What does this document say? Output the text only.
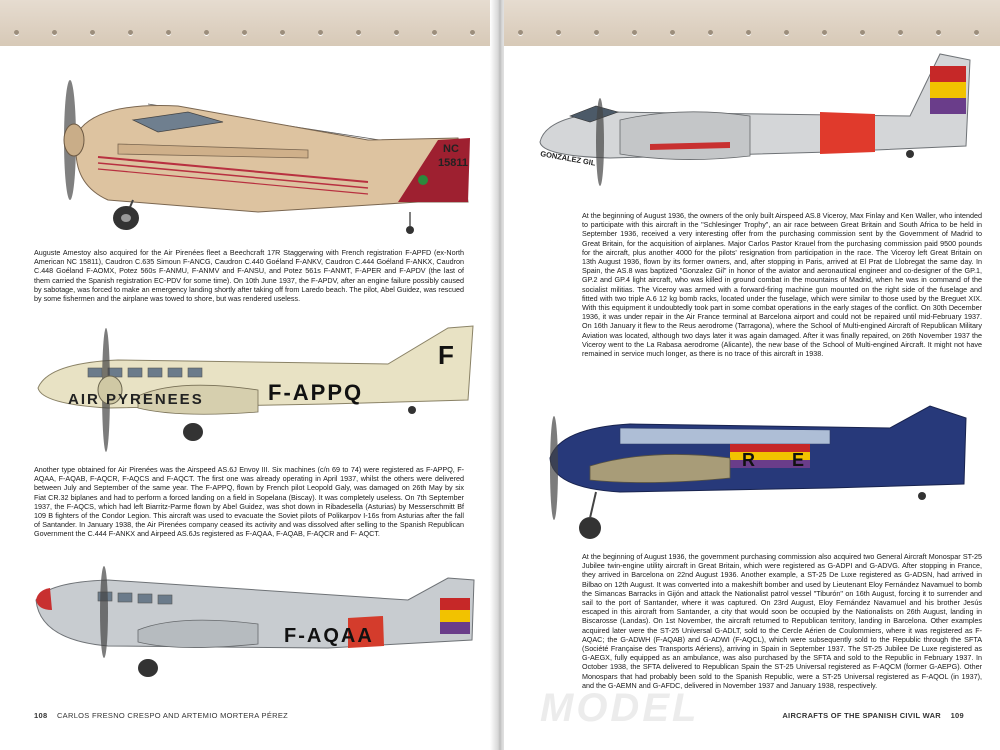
NC
15811

Auguste Amestoy also acquired for the Air Pirenées fleet a Beechcraft 17R Staggerwing with French registration F-APFD (ex-North American NC 15811), Caudron C.635 Simoun F-ANCG, Caudron C.440 Goéland F-ANKV, Caudron C.444 Goéland F-ANKX, Caudron C.448 Goéland F-AOMX, Potez 560s F-ANMU, F-ANMV and F-ANSU, and Potez 561s F-ANMT, F-APER and F-APDV (the last of them carried the Spanish registration EC-PDV for some time). On 10th June 1937, the F-APDV, after an engine failure possibly caused by sabotage, was forced to make an emergency landing shortly after taking off from Laredo beach. The pilot, Abel Guidez, was rescued by some fishermen and the airplane was towed to shore, but was rendered useless.

AIR PYRENEES	F-APPQ
F

Another type obtained for Air Pirenées was the Airspeed AS.6J Envoy III. Six machines (c/n 69 to 74) were registered as F-APPQ, F-AQAA, F-AQAB, F-AQCR, F-AQCS and F-AQCT. The first one was already operating in April 1937, whilst the others were delivered between July and September of the same year. The F-APPQ, flown by French pilot Leopold Galy, was damaged on 26th May by six Fiat CR.32 biplanes and had to perform a forced landing on a field in Sopelana (Biscay). It was completely useless. On 7th September 1937, the F-AQCS, which had left Biarritz-Parme flown by Abel Guidez, was shot down in Ribadesella (Asturias) by Messerschmitt Bf 109 B fighters of the Condor Legion. This aircraft was used to evacuate the Soviet pilots of Polikarpov I-16s from Asturias after the fall of Santander. In January 1938, the Air Pirenées company ceased its activity and was dissolved after selling to the Spanish Republican Government the C.444 F-ANKX and Airpeed AS.6Js registered as F-AQAA, F-AQAB, F-AQCR and F- AQCT.

F-AQAA
108 CARLOS FRESNO CRESPO AND ARTEMIO MORTERA PÉREZ
GONZALEZ GIL

At the beginning of August 1936, the owners of the only built Airspeed AS.8 Viceroy, Max Finlay and Ken Waller, who intended to participate with this aircraft in the "Schlesinger Trophy", an air race between Great Britain and South Africa to be held in September 1936, received a very interesting offer from the purchasing commission sent by the Government of Madrid to Great Britain, for the acquisition of airplanes. Major Carlos Pastor Krauel from the purchasing commission paid 9500 pounds for the aircraft, plus another 4000 for the pilots' resignation from participation in the race. The Viceroy left Great Britain on 13th August 1936, flown by its former owners, and, after stopping in Paris, arrived at El Prat de Llobregat the same day. In Spain, the AS.8 was baptized "Gonzalez Gil" in honor of the aviator and aeronautical engineer and co-designer of the GP.1, GP.2 and GP.4 light aircraft, who was killed in ground combat in the mountains of Madrid, when he was in command of the socialist militias. The Viceroy was armed with a forward-firing machine gun mounted on the right side of the fuselage and fitted with two triple A.6 12 kg bomb racks, located under the fuselage, which were similar to those used by the Breguet XIX. With this equipment it undoubtedly took part in some combat operations in the early stages of the conflict. On 30th December 1936, it was under repair in the Air France terminal at Barcelona airport and could not be repaired until mid-February 1937. On 16th January it flew to the Reus aerodrome (Tarragona), where the School of Multi-engined Aircraft of Republican Military Aviation was located, although two days later it was again damaged. After it was finally repaired, on 26th November 1937 the Viceroy went to the La Rabasa aerodrome (Alicante), the new base of the School of Multi-engined Aircraft. It might not have remained in service much longer, as there is no trace of this aircraft in 1938.

R E

At the beginning of August 1936, the government purchasing commission also acquired two General Aircraft Monospar ST-25 Jubilee twin-engine utility aircraft in Great Britain, which were registered as G-ADPI and G-ADVG. After stopping in France, they arrived in Barcelona on 22nd August 1936. Another example, a ST-25 De Luxe registered as G-ADSN, had arrived in Bilbao on 12th August. It was converted into a makeshift bomber and used by Lieutenant Eloy Fernández Navamuel to bomb the Simancas Barracks in Gijón and attack the Nationalist patrol vessel "Tiburón" on 16th August, forcing it to surrender and sail to the port of Santander, where it was captured. On 23rd August, Eloy Fernández Navamuel and his brother Jesús escaped in this aircraft from Santander, a city that would soon be occupied by the Nationalists on 26th August, landing in Biscarosse (Landas). On 1st November, the aircraft returned to Republican territory, landing in Barcelona. Other examples acquired later were the ST-25 Universal G-ADLT, sold to the Cercle Aérien de Coulommiers, where it was registered as F-AQAC; the G-ADWH (F-AQAB) and G-ADWI (F-AQCL), which were subsequently sold to the Republic through the SFTA (Société Française des Transports Aériens), arriving in Spain in September 1937. The ST-25 Jubilee De Luxe registered as G-AEGX, fully equipped as an ambulance, was also purchased by the SFTA and sold to the Republic in February 1937. In October 1938, the SFTA delivered to Republican Spain the ST-25 Universal registered as F-AQCM (former G-AEPG). Other Monospars that had probably been sold to the Spanish Republic, were a ST-25 Universal registered as F-AQOL (in 1937), and the G-AEMN and G-AFDC, delivered in November 1937 and January 1938, respectively.

AIRCRAFTS OF THE SPANISH CIVIL WAR 109
MODEL
